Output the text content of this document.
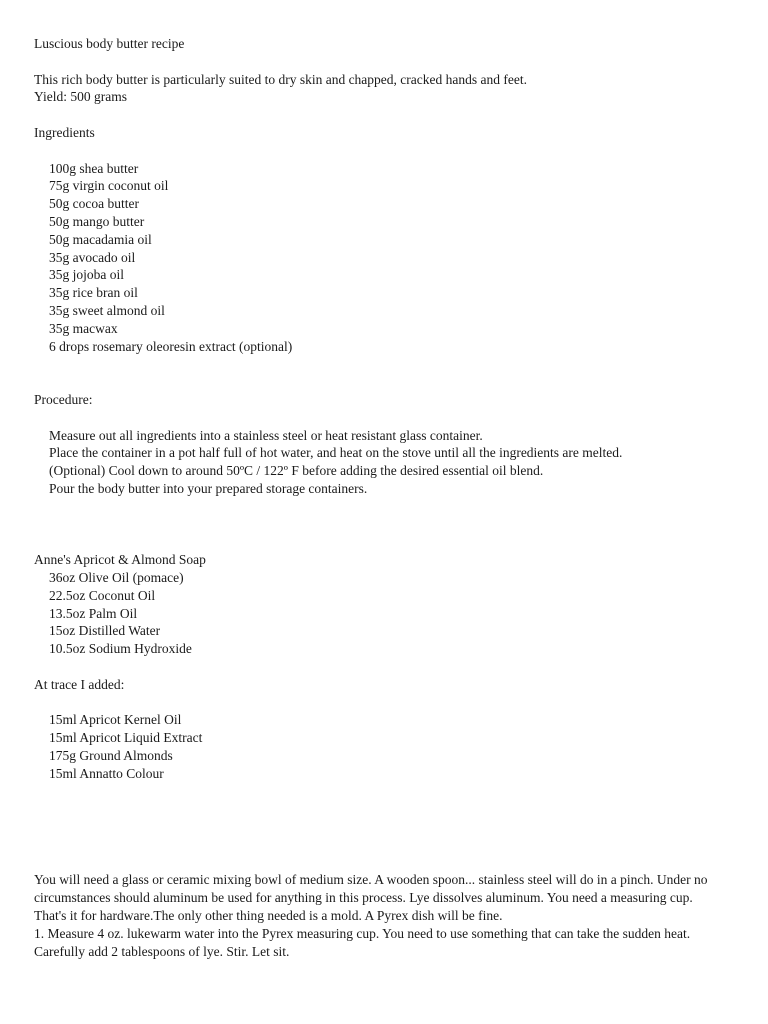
Luscious body butter recipe
This rich body butter is particularly suited to dry skin and chapped, cracked hands and feet.
Yield: 500 grams
Ingredients
100g shea butter
75g virgin coconut oil
50g cocoa butter
50g mango butter
50g macadamia oil
35g avocado oil
35g jojoba oil
35g rice bran oil
35g sweet almond oil
35g macwax
6 drops rosemary oleoresin extract (optional)
Procedure:
Measure out all ingredients into a stainless steel or heat resistant glass container.
Place the container in a pot half full of hot water, and heat on the stove until all the ingredients are melted.
(Optional) Cool down to around 50ºC / 122º F before adding the desired essential oil blend.
Pour the body butter into your prepared storage containers.
Anne's Apricot & Almond Soap
36oz Olive Oil (pomace)
22.5oz Coconut Oil
13.5oz Palm Oil
15oz Distilled Water
10.5oz Sodium Hydroxide
At trace I added:
15ml Apricot Kernel Oil
15ml Apricot Liquid Extract
175g Ground Almonds
15ml Annatto Colour
You will need a glass or ceramic mixing bowl of medium size. A wooden spoon... stainless steel will do in a pinch. Under no circumstances should aluminum be used for anything in this process. Lye dissolves aluminum. You need a measuring cup. That's it for hardware.The only other thing needed is a mold. A Pyrex dish will be fine.
1. Measure 4 oz. lukewarm water into the Pyrex measuring cup. You need to use something that can take the sudden heat. Carefully add 2 tablespoons of lye. Stir. Let sit.
